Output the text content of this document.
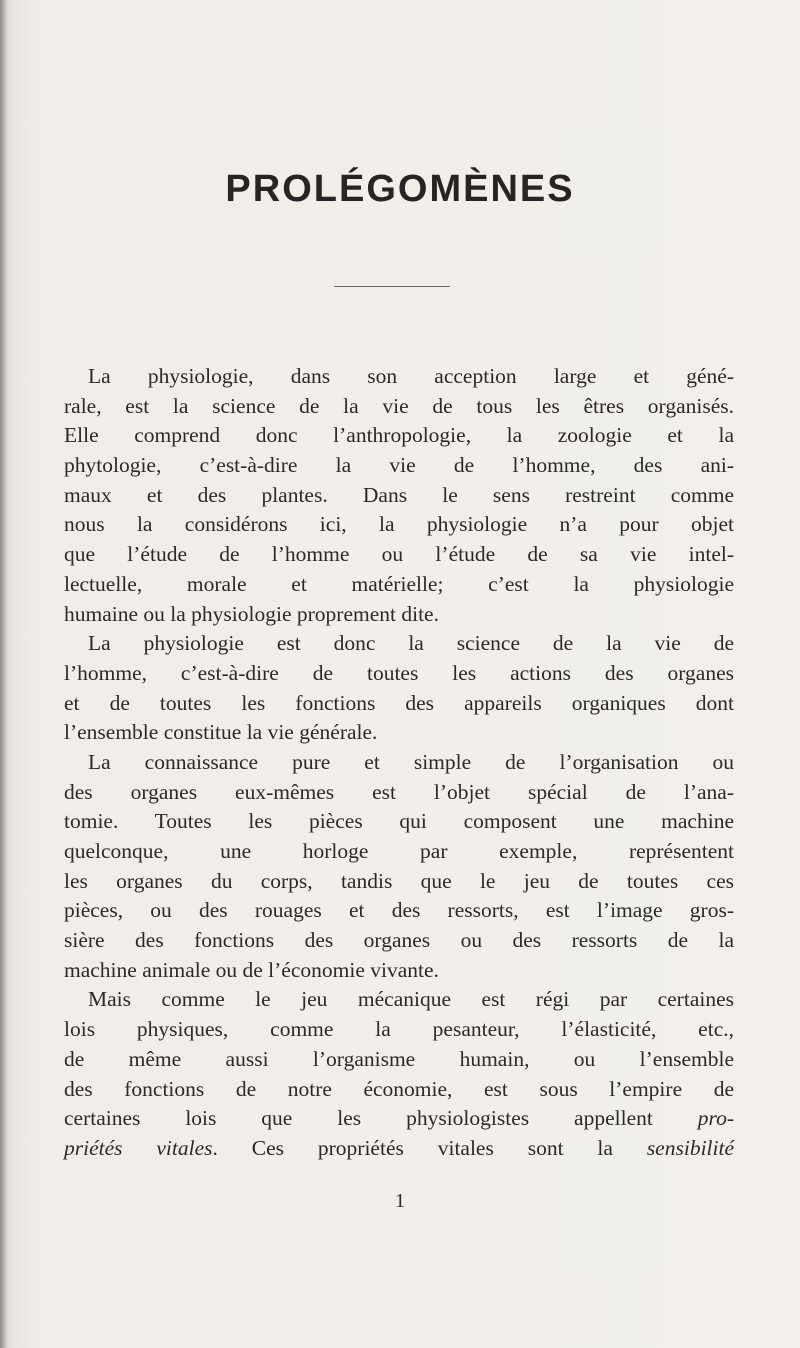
PROLÉGOMÈNES
La physiologie, dans son acception large et géné-
rale, est la science de la vie de tous les êtres organisés.
Elle comprend donc l’anthropologie, la zoologie et la
phytologie, c’est-à-dire la vie de l’homme, des ani-
maux et des plantes. Dans le sens restreint comme
nous la considérons ici, la physiologie n’a pour objet
que l’étude de l’homme ou l’étude de sa vie intel-
lectuelle, morale et matérielle; c’est la physiologie
humaine ou la physiologie proprement dite.
La physiologie est donc la science de la vie de
l’homme, c’est-à-dire de toutes les actions des organes
et de toutes les fonctions des appareils organiques dont
l’ensemble constitue la vie générale.
La connaissance pure et simple de l’organisation ou
des organes eux-mêmes est l’objet spécial de l’ana-
tomie. Toutes les pièces qui composent une machine
quelconque, une horloge par exemple, représentent
les organes du corps, tandis que le jeu de toutes ces
pièces, ou des rouages et des ressorts, est l’image gros-
sière des fonctions des organes ou des ressorts de la
machine animale ou de l’économie vivante.
Mais comme le jeu mécanique est régi par certaines
lois physiques, comme la pesanteur, l’élasticité, etc.,
de même aussi l’organisme humain, ou l’ensemble
des fonctions de notre économie, est sous l’empire de
certaines lois que les physiologistes appellent pro-
priétés vitales. Ces propriétés vitales sont la sensibilité
1
